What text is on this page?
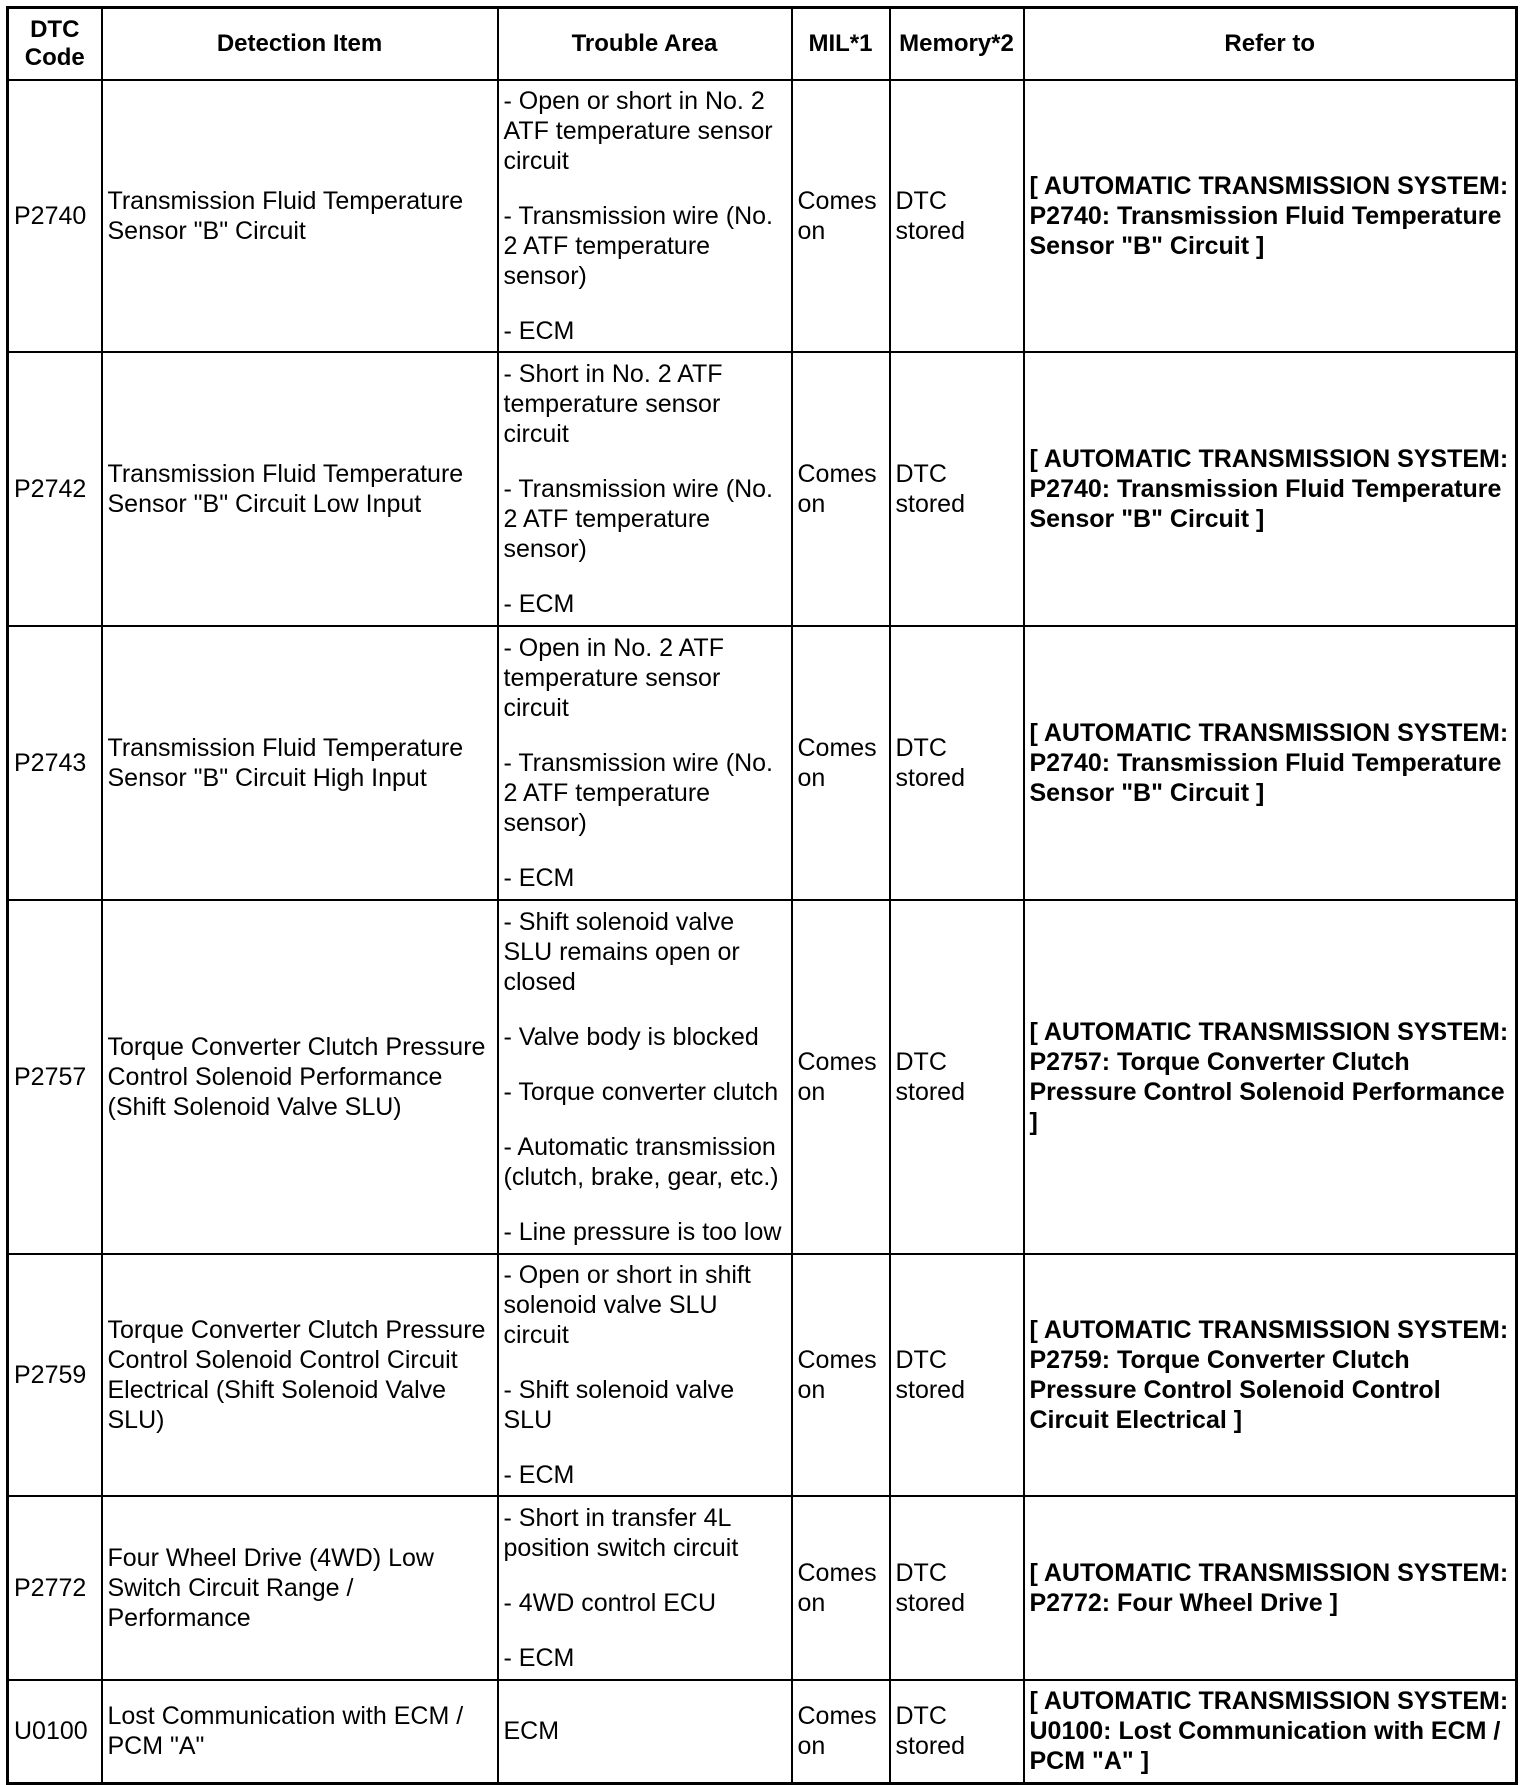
DTC Code	Detection Item	Trouble Area	MIL*1	Memory*2	Refer to
P2740	Transmission Fluid Temperature Sensor "B" Circuit	- Open or short in No. 2 ATF temperature sensor circuit
- Transmission wire (No. 2 ATF temperature sensor)
- ECM	Comes on	DTC stored	[ AUTOMATIC TRANSMISSION SYSTEM: P2740: Transmission Fluid Temperature Sensor "B" Circuit ]
P2742	Transmission Fluid Temperature Sensor "B" Circuit Low Input	- Short in No. 2 ATF temperature sensor circuit
- Transmission wire (No. 2 ATF temperature sensor)
- ECM	Comes on	DTC stored	[ AUTOMATIC TRANSMISSION SYSTEM: P2740: Transmission Fluid Temperature Sensor "B" Circuit ]
P2743	Transmission Fluid Temperature Sensor "B" Circuit High Input	- Open in No. 2 ATF temperature sensor circuit
- Transmission wire (No. 2 ATF temperature sensor)
- ECM	Comes on	DTC stored	[ AUTOMATIC TRANSMISSION SYSTEM: P2740: Transmission Fluid Temperature Sensor "B" Circuit ]
P2757	Torque Converter Clutch Pressure Control Solenoid Performance (Shift Solenoid Valve SLU)	- Shift solenoid valve SLU remains open or closed
- Valve body is blocked
- Torque converter clutch
- Automatic transmission (clutch, brake, gear, etc.)
- Line pressure is too low	Comes on	DTC stored	[ AUTOMATIC TRANSMISSION SYSTEM: P2757: Torque Converter Clutch Pressure Control Solenoid Performance ]
P2759	Torque Converter Clutch Pressure Control Solenoid Control Circuit Electrical (Shift Solenoid Valve SLU)	- Open or short in shift solenoid valve SLU circuit
- Shift solenoid valve SLU
- ECM	Comes on	DTC stored	[ AUTOMATIC TRANSMISSION SYSTEM: P2759: Torque Converter Clutch Pressure Control Solenoid Control Circuit Electrical ]
P2772	Four Wheel Drive (4WD) Low Switch Circuit Range / Performance	- Short in transfer 4L position switch circuit
- 4WD control ECU
- ECM	Comes on	DTC stored	[ AUTOMATIC TRANSMISSION SYSTEM: P2772: Four Wheel Drive ]
U0100	Lost Communication with ECM / PCM "A"	ECM	Comes on	DTC stored	[ AUTOMATIC TRANSMISSION SYSTEM: U0100: Lost Communication with ECM / PCM "A" ]
